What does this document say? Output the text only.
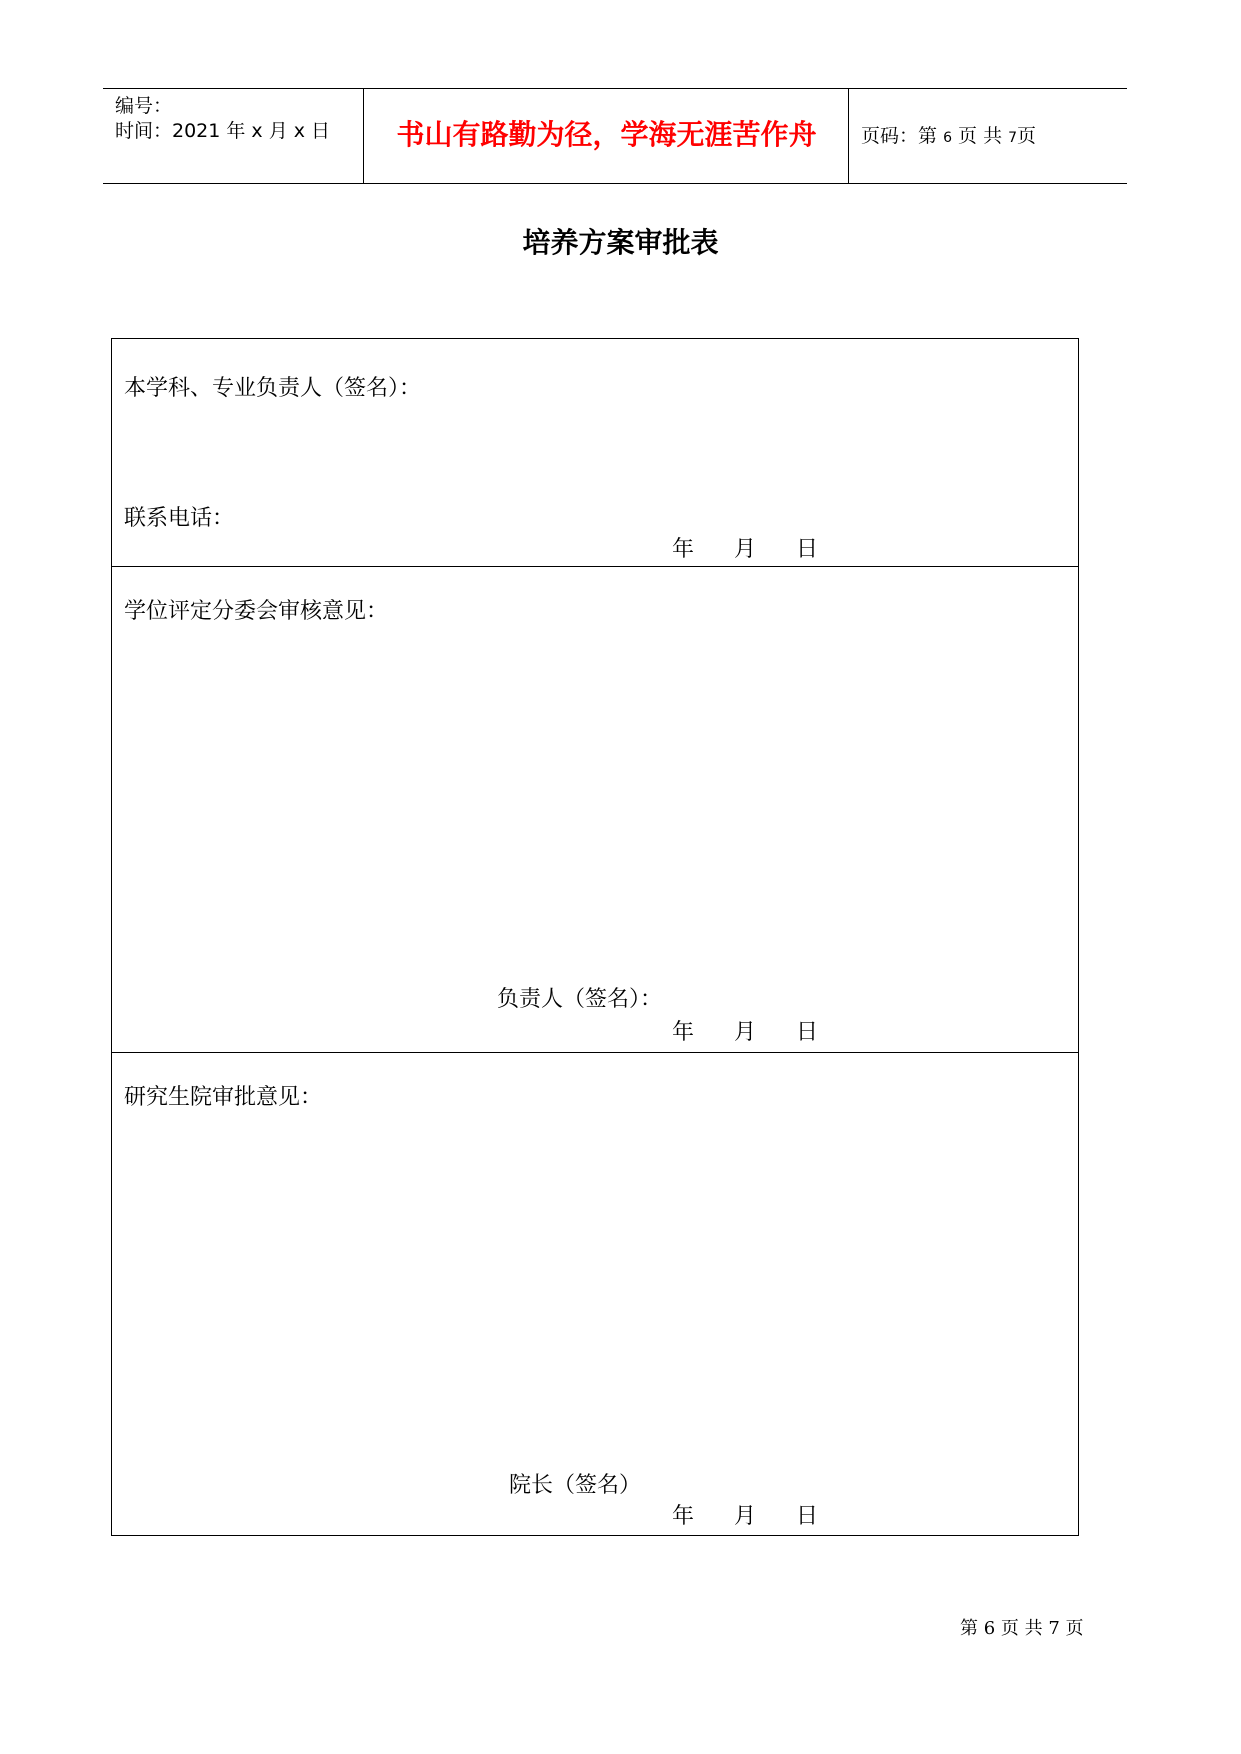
编号：
时间：2021 年 x 月 x 日	书山有路勤为径，学海无涯苦作舟	页码：第 6 页 共 7页
培养方案审批表
本学科、专业负责人（签名）：
联系电话：
年 月 日
学位评定分委会审核意见：
负责人（签名）：
年 月 日
研究生院审批意见：
院长（签名）
年 月 日
第 6 页 共 7 页
